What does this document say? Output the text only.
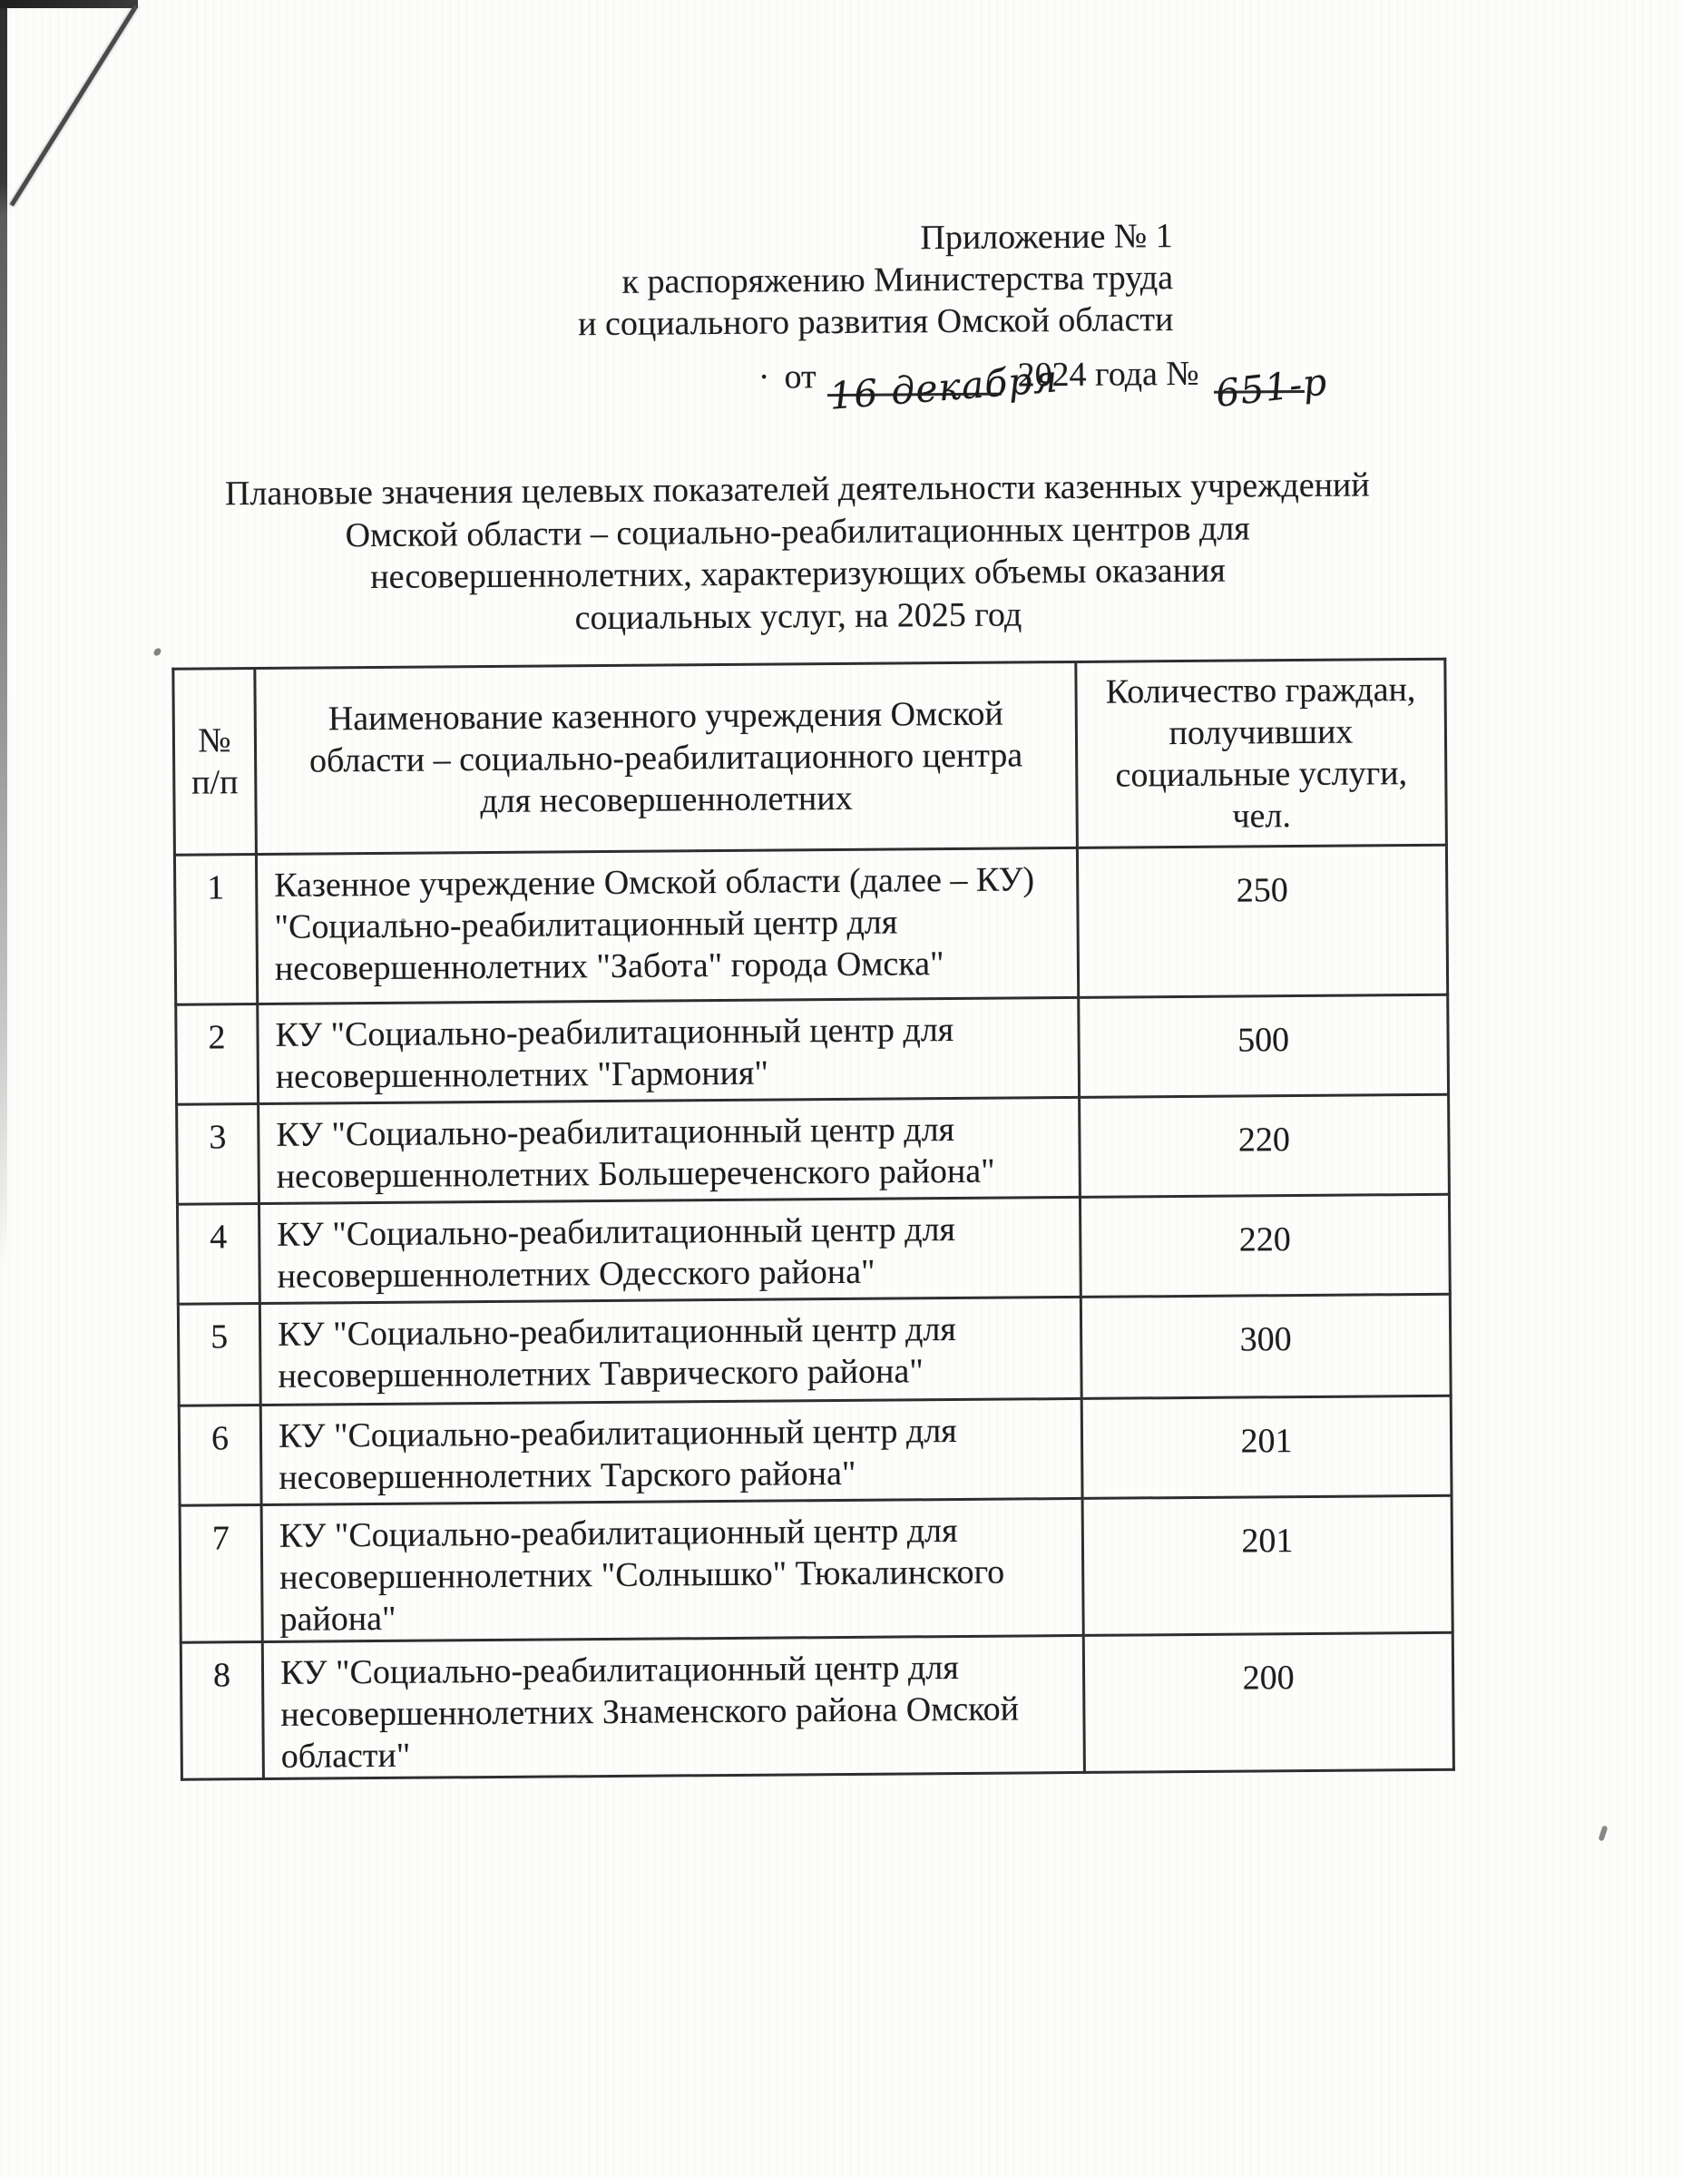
Приложение № 1
к распоряжению Министерства труда
и социального развития Омской области
· от 16 декабря
2024 года № 651-р
Плановые значения целевых показателей деятельности казенных учреждений
Омской области – социально-реабилитационных центров для
несовершеннолетних, характеризующих объемы оказания
социальных услуг, на 2025 год
№
п/п	Наименование казенного учреждения Омской
области – социально-реабилитационного центра
для несовершеннолетних	Количество граждан,
получивших
социальные услуги,
чел.
1	Казенное учреждение Омской области (далее – КУ)
"Социально-реабилитационный центр для
несовершеннолетних "Забота" города Омска"	250
2	КУ "Социально-реабилитационный центр для
несовершеннолетних "Гармония"	500
3	КУ "Социально-реабилитационный центр для
несовершеннолетних Большереченского района"	220
4	КУ "Социально-реабилитационный центр для
несовершеннолетних Одесского района"	220
5	КУ "Социально-реабилитационный центр для
несовершеннолетних Таврического района"	300
6	КУ "Социально-реабилитационный центр для
несовершеннолетних Тарского района"	201
7	КУ "Социально-реабилитационный центр для
несовершеннолетних "Солнышко" Тюкалинского
района"	201
8	КУ "Социально-реабилитационный центр для
несовершеннолетних Знаменского района Омской
области"	200
